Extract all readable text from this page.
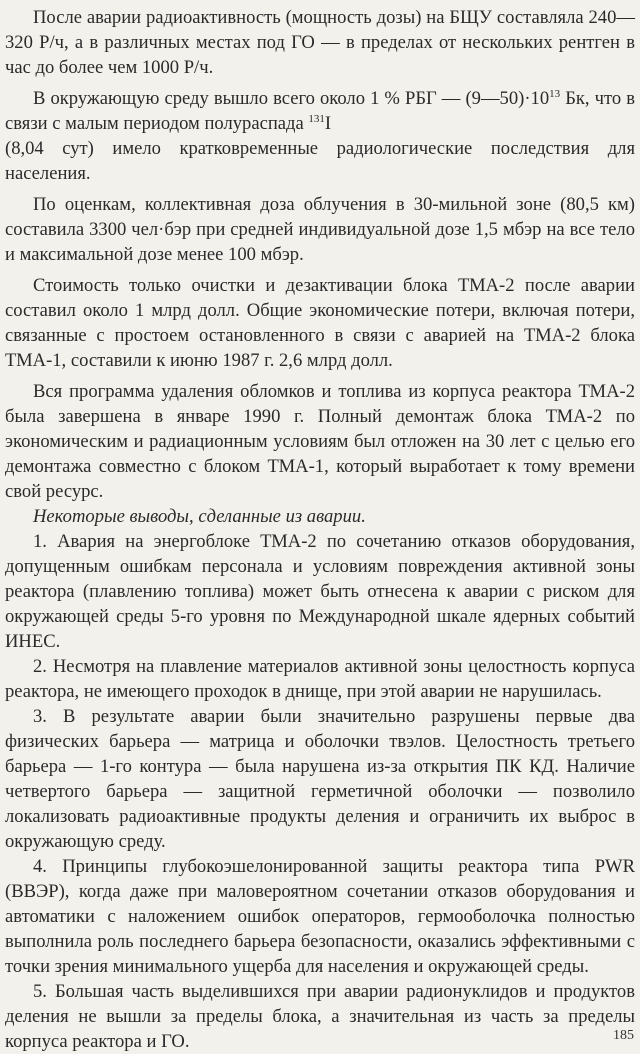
После аварии радиоактивность (мощность дозы) на БЩУ составляла 240—320 Р/ч, а в различных местах под ГО — в пределах от нескольких рентген в час до более чем 1000 Р/ч.

В окружающую среду вышло всего около 1 % РБГ — $(9—50)\cdot 10^{13}$ Бк, что в связи с малым периодом полураспада $^{131}$I
(8,04 сут) имело кратковременные радиологические последствия для населения.

По оценкам, коллективная доза облучения в 30-мильной зоне (80,5 км) составила 3300 чел·бэр при средней индивидуальной дозе 1,5 мбэр на все тело и максимальной дозе менее 100 мбэр.

Стоимость только очистки и дезактивации блока ТМА-2 после аварии составил около 1 млрд долл. Общие экономические потери, включая потери, связанные с простоем остановленного в связи с аварией на ТМА-2 блока ТМА-1, составили к июню 1987 г. 2,6 млрд долл.

Вся программа удаления обломков и топлива из корпуса реактора ТМА-2 была завершена в январе 1990 г. Полный демонтаж блока ТМА-2 по экономическим и радиационным условиям был отложен на 30 лет с целью его демонтажа совместно с блоком ТМА-1, который выработает к тому времени свой ресурс.

Некоторые выводы, сделанные из аварии.

1. Авария на энергоблоке ТМА-2 по сочетанию отказов оборудования, допущенным ошибкам персонала и условиям повреждения активной зоны реактора (плавлению топлива) может быть отнесена к аварии с риском для окружающей среды 5-го уровня по Международной шкале ядерных событий ИНЕС.

2. Несмотря на плавление материалов активной зоны целостность корпуса реактора, не имеющего проходок в днище, при этой аварии не нарушилась.

3. В результате аварии были значительно разрушены первые два физических барьера — матрица и оболочки твэлов. Целостность третьего барьера — 1-го контура — была нарушена из-за открытия ПК КД. Наличие четвертого барьера — защитной герметичной оболочки — позволило локализовать радиоактивные продукты деления и ограничить их выброс в окружающую среду.

4. Принципы глубокоэшелонированной защиты реактора типа PWR (ВВЭР), когда даже при маловероятном сочетании отказов оборудования и автоматики с наложением ошибок операторов, гермооболочка полностью выполнила роль последнего барьера безопасности, оказались эффективными с точки зрения минимального ущерба для населения и окружающей среды.

5. Большая часть выделившихся при аварии радионуклидов и продуктов деления не вышли за пределы блока, а значительная из часть за пределы корпуса реактора и ГО.	185
